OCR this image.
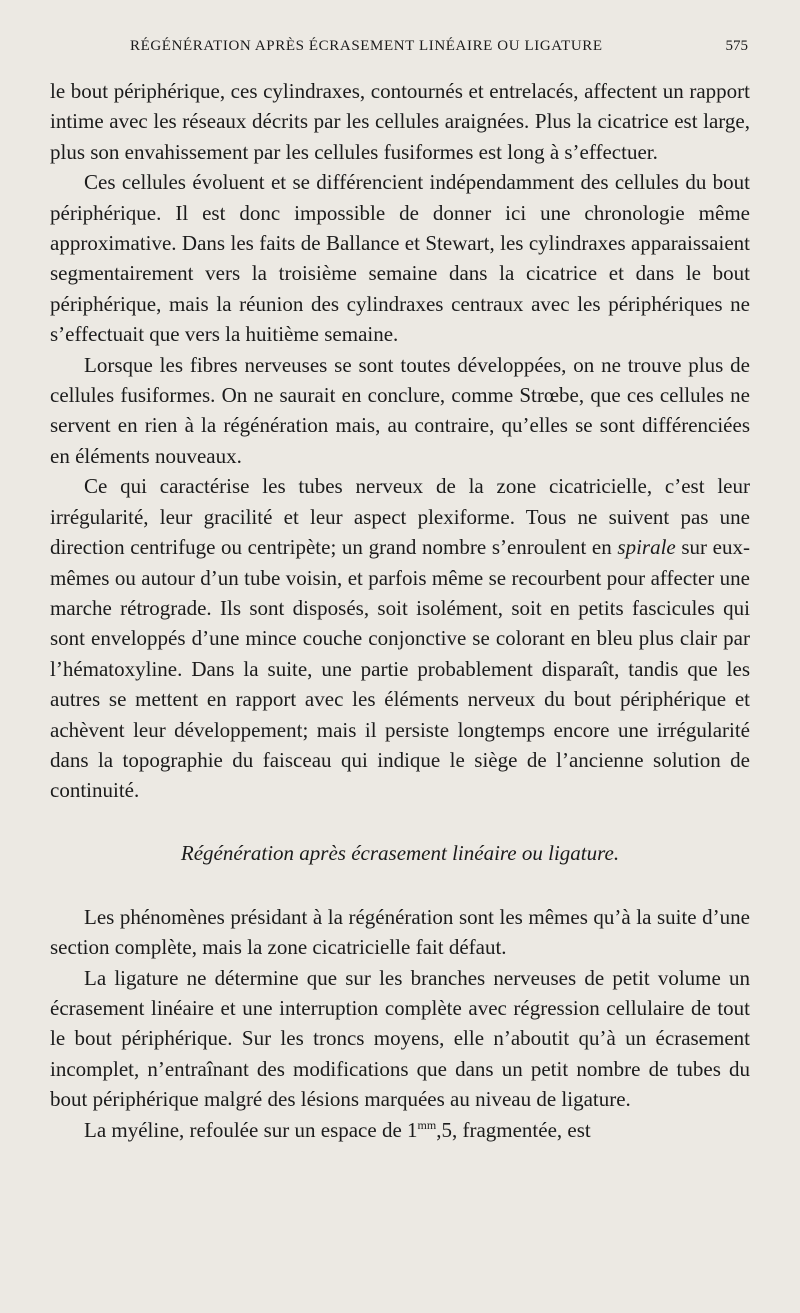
RÉGÉNÉRATION APRÈS ÉCRASEMENT LINÉAIRE OU LIGATURE	575

le bout périphérique, ces cylindraxes, contournés et entrelacés, affectent un rapport intime avec les réseaux décrits par les cellules araignées. Plus la cicatrice est large, plus son envahissement par les cellules fusiformes est long à s’effectuer.

Ces cellules évoluent et se différencient indépendamment des cellules du bout périphérique. Il est donc impossible de donner ici une chronologie même approximative. Dans les faits de Ballance et Stewart, les cylindraxes apparaissaient segmentairement vers la troisième semaine dans la cicatrice et dans le bout périphérique, mais la réunion des cylindraxes centraux avec les périphériques ne s’effectuait que vers la huitième semaine.

Lorsque les fibres nerveuses se sont toutes développées, on ne trouve plus de cellules fusiformes. On ne saurait en conclure, comme Strœbe, que ces cellules ne servent en rien à la régénération mais, au contraire, qu’elles se sont différenciées en éléments nouveaux.

Ce qui caractérise les tubes nerveux de la zone cicatricielle, c’est leur irrégularité, leur gracilité et leur aspect plexiforme. Tous ne suivent pas une direction centrifuge ou centripète; un grand nombre s’enroulent en spirale sur eux-mêmes ou autour d’un tube voisin, et parfois même se recourbent pour affecter une marche rétrograde. Ils sont disposés, soit isolément, soit en petits fascicules qui sont enveloppés d’une mince couche conjonctive se colorant en bleu plus clair par l’hématoxyline. Dans la suite, une partie probablement disparaît, tandis que les autres se mettent en rapport avec les éléments nerveux du bout périphérique et achèvent leur développement; mais il persiste longtemps encore une irrégularité dans la topographie du faisceau qui indique le siège de l’ancienne solution de continuité.

Régénération après écrasement linéaire ou ligature.

Les phénomènes présidant à la régénération sont les mêmes qu’à la suite d’une section complète, mais la zone cicatricielle fait défaut.

La ligature ne détermine que sur les branches nerveuses de petit volume un écrasement linéaire et une interruption complète avec régression cellulaire de tout le bout périphérique. Sur les troncs moyens, elle n’aboutit qu’à un écrasement incomplet, n’entraînant des modifications que dans un petit nombre de tubes du bout périphérique malgré des lésions marquées au niveau de ligature.

La myéline, refoulée sur un espace de $1^{mm},5$, fragmentée, est
